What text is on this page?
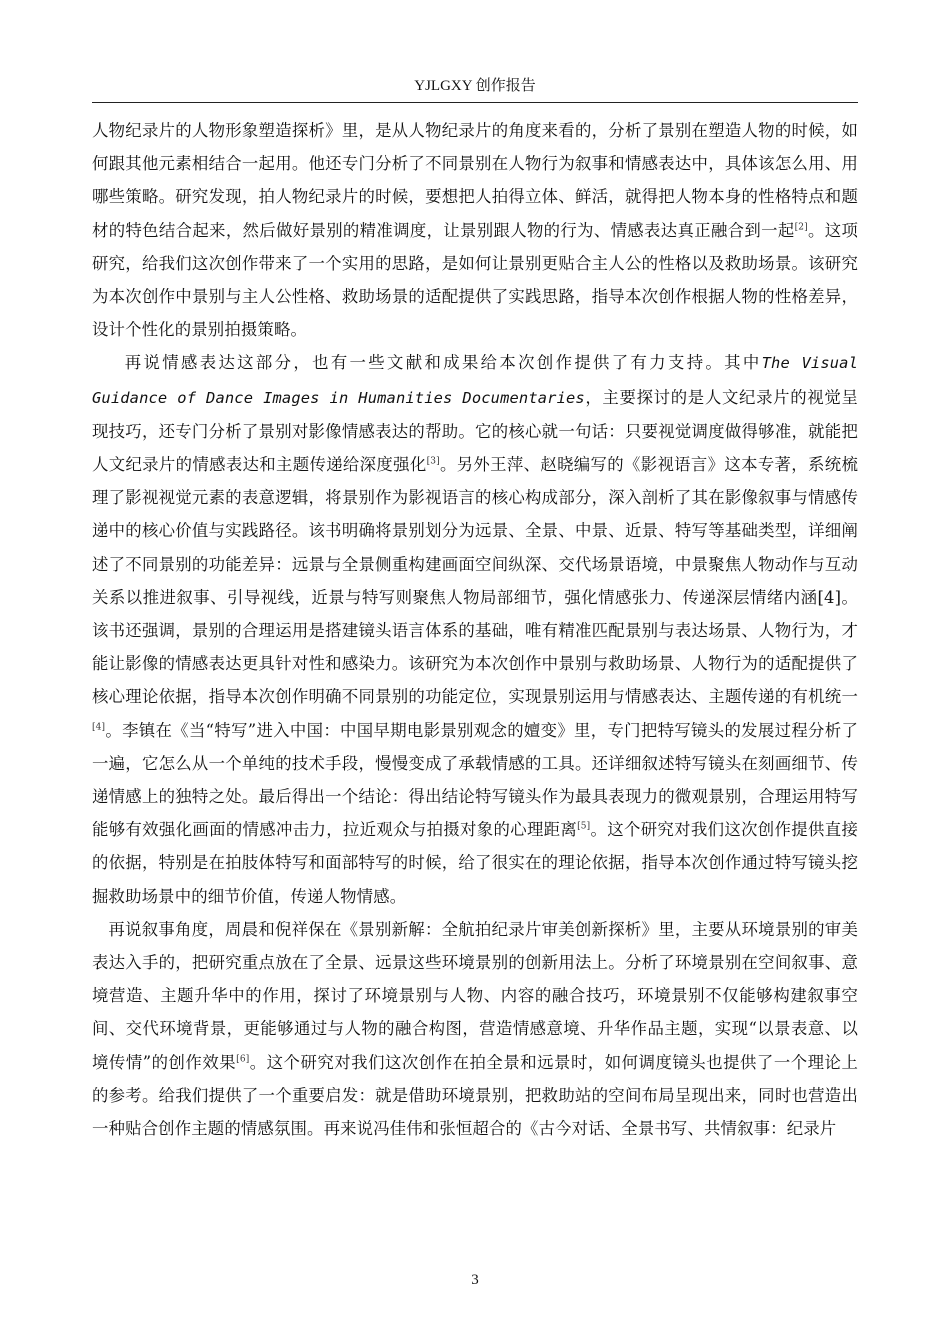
YJLGXY 创作报告

人物纪录片的人物形象塑造探析》里，是从人物纪录片的角度来看的，分析了景别在塑造人物的时候，如何跟其他元素相结合一起用。他还专门分析了不同景别在人物行为叙事和情感表达中，具体该怎么用、用哪些策略。研究发现，拍人物纪录片的时候，要想把人拍得立体、鲜活，就得把人物本身的性格特点和题材的特色结合起来，然后做好景别的精准调度，让景别跟人物的行为、情感表达真正融合到一起[2]。这项研究，给我们这次创作带来了一个实用的思路，是如何让景别更贴合主人公的性格以及救助场景。该研究为本次创作中景别与主人公性格、救助场景的适配提供了实践思路，指导本次创作根据人物的性格差异，设计个性化的景别拍摄策略。

再说情感表达这部分，也有一些文献和成果给本次创作提供了有力支持。其中The Visual Guidance of Dance Images in Humanities Documentaries，主要探讨的是人文纪录片的视觉呈现技巧，还专门分析了景别对影像情感表达的帮助。它的核心就一句话：只要视觉调度做得够准，就能把人文纪录片的情感表达和主题传递给深度强化[3]。另外王萍、赵晓编写的《影视语言》这本专著，系统梳理了影视视觉元素的表意逻辑，将景别作为影视语言的核心构成部分，深入剖析了其在影像叙事与情感传递中的核心价值与实践路径。该书明确将景别划分为远景、全景、中景、近景、特写等基础类型，详细阐述了不同景别的功能差异：远景与全景侧重构建画面空间纵深、交代场景语境，中景聚焦人物动作与互动关系以推进叙事、引导视线，近景与特写则聚焦人物局部细节，强化情感张力、传递深层情绪内涵[4]。该书还强调，景别的合理运用是搭建镜头语言体系的基础，唯有精准匹配景别与表达场景、人物行为，才能让影像的情感表达更具针对性和感染力。该研究为本次创作中景别与救助场景、人物行为的适配提供了核心理论依据，指导本次创作明确不同景别的功能定位，实现景别运用与情感表达、主题传递的有机统一[4]。李镇在《当“特写”进入中国：中国早期电影景别观念的嬗变》里，专门把特写镜头的发展过程分析了一遍，它怎么从一个单纯的技术手段，慢慢变成了承载情感的工具。还详细叙述特写镜头在刻画细节、传递情感上的独特之处。最后得出一个结论：得出结论特写镜头作为最具表现力的微观景别，合理运用特写能够有效强化画面的情感冲击力，拉近观众与拍摄对象的心理距离[5]。这个研究对我们这次创作提供直接的依据，特别是在拍肢体特写和面部特写的时候，给了很实在的理论依据，指导本次创作通过特写镜头挖掘救助场景中的细节价值，传递人物情感。

再说叙事角度，周晨和倪祥保在《景别新解：全航拍纪录片审美创新探析》里，主要从环境景别的审美表达入手的，把研究重点放在了全景、远景这些环境景别的创新用法上。分析了环境景别在空间叙事、意境营造、主题升华中的作用，探讨了环境景别与人物、内容的融合技巧，环境景别不仅能够构建叙事空间、交代环境背景，更能够通过与人物的融合构图，营造情感意境、升华作品主题，实现“以景表意、以境传情”的创作效果[6]。这个研究对我们这次创作在拍全景和远景时，如何调度镜头也提供了一个理论上的参考。给我们提供了一个重要启发：就是借助环境景别，把救助站的空间布局呈现出来，同时也营造出一种贴合创作主题的情感氛围。再来说冯佳伟和张恒超合的《古今对话、全景书写、共情叙事：纪录片

3
